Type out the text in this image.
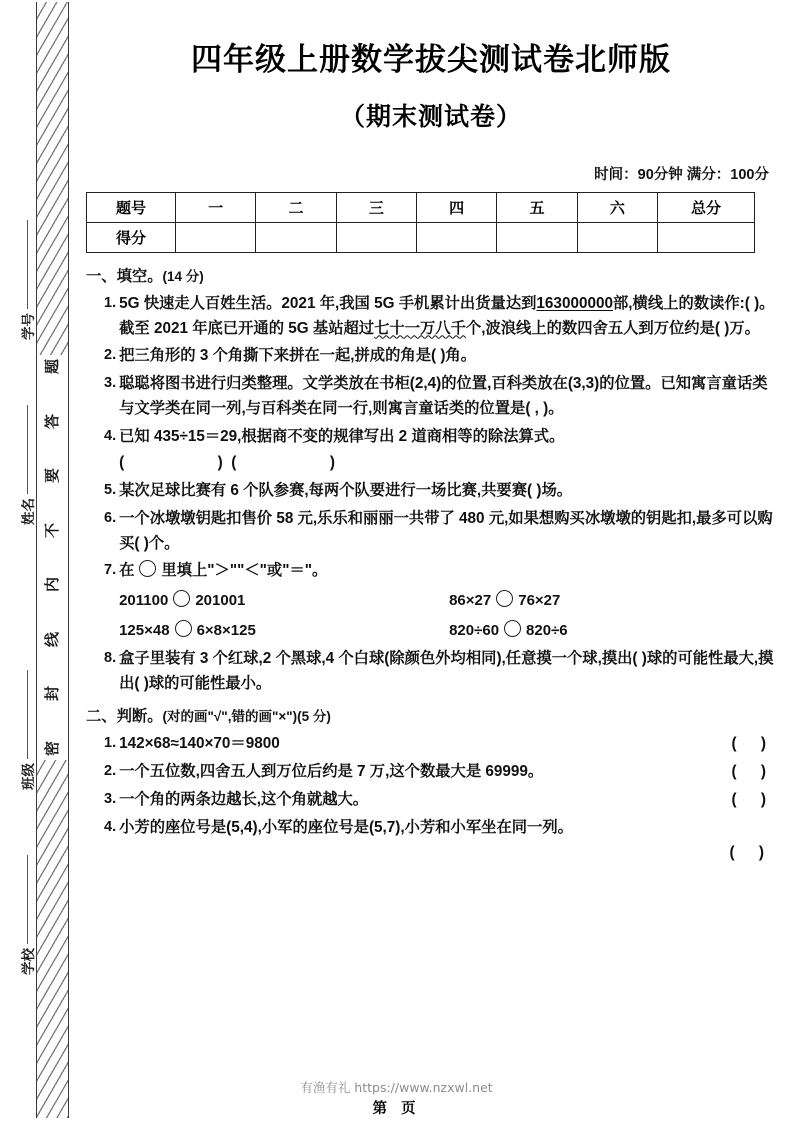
题
答
要
不
内
线
封
密
学号
姓名
班级
学校
四年级上册数学拔尖测试卷北师版
（期末测试卷）
时间：90分钟 满分：100分
题号	一	二	三	四	五	六	总分
得分							
一、填空。(14 分)
1. 5G 快速走人百姓生活。2021 年,我国 5G 手机累计出货量达到163000000部,横线上的数读作:( )。截至 2021 年底已开通的 5G 基站超过七十一万八千个,波浪线上的数四舍五人到万位约是( )万。
2. 把三角形的 3 个角撕下来拼在一起,拼成的角是( )角。
3. 聪聪将图书进行归类整理。文学类放在书柜(2,4)的位置,百科类放在(3,3)的位置。已知寓言童话类与文学类在同一列,与百科类在同一行,则寓言童话类的位置是( , )。
4. 已知 435÷15＝29,根据商不变的规律写出 2 道商相等的除法算式。
(                      )  (                      )
5. 某次足球比赛有 6 个队参赛,每两个队要进行一场比赛,共要赛( )场。
6. 一个冰墩墩钥匙扣售价 58 元,乐乐和丽丽一共带了 480 元,如果想购买冰墩墩的钥匙扣,最多可以购买( )个。
7. 在 里填上"＞""＜"或"＝"。
201100 201001	86×27 76×27
125×48 6×8×125	820÷60 820÷6
8. 盒子里装有 3 个红球,2 个黑球,4 个白球(除颜色外均相同),任意摸一个球,摸出( )球的可能性最大,摸出( )球的可能性最小。
二、判断。(对的画"√",错的画"×")(5 分)
1. 142×68≈140×70＝9800	( )
2. 一个五位数,四舍五人到万位后约是 7 万,这个数最大是 69999。	( )
3. 一个角的两条边越长,这个角就越大。	( )
4. 小芳的座位号是(5,4),小军的座位号是(5,7),小芳和小军坐在同一列。
( )
有渔有礼 https://www.nzxwl.net
第 页
